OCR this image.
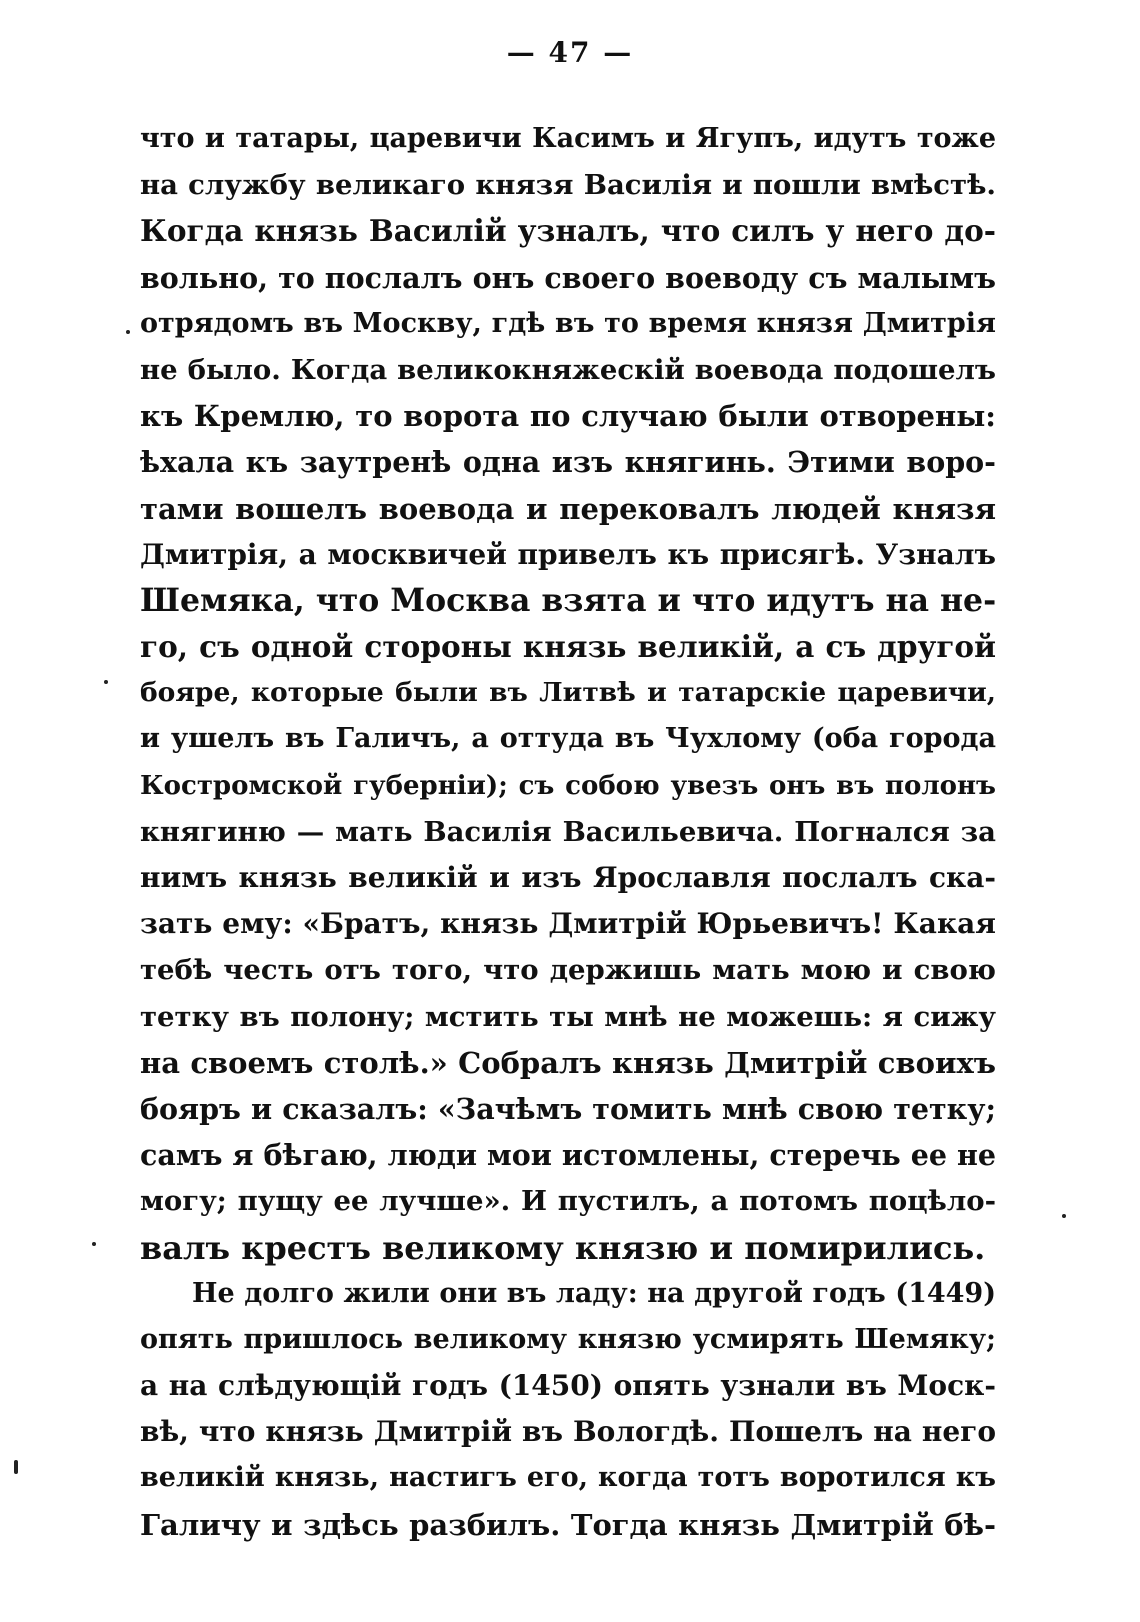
— 47 —
что и татары, царевичи Касимъ и Ягупъ, идутъ тоже
на службу великаго князя Василія и пошли вмѣстѣ.
Когда князь Василій узналъ, что силъ у него до-
вольно, то послалъ онъ своего воеводу съ малымъ
отрядомъ въ Москву, гдѣ въ то время князя Дмитрія
не было. Когда великокняжескій воевода подошелъ
къ Кремлю, то ворота по случаю были отворены:
ѣхала къ заутренѣ одна изъ княгинь. Этими воро-
тами вошелъ воевода и перековалъ людей князя
Дмитрія, а москвичей привелъ къ присягѣ. Узналъ
Шемяка, что Москва взята и что идутъ на не-
го, съ одной стороны князь великій, а съ другой
бояре, которые были въ Литвѣ и татарскіе царевичи,
и ушелъ въ Галичъ, а оттуда въ Чухлому (оба города
Костромской губерніи); съ собою увезъ онъ въ полонъ
княгиню — мать Василія Васильевича. Погнался за
нимъ князь великій и изъ Ярославля послалъ ска-
зать ему: «Братъ, князь Дмитрій Юрьевичъ! Какая
тебѣ честь отъ того, что держишь мать мою и свою
тетку въ полону; мстить ты мнѣ не можешь: я сижу
на своемъ столѣ.» Собралъ князь Дмитрій своихъ
бояръ и сказалъ: «Зачѣмъ томить мнѣ свою тетку;
самъ я бѣгаю, люди мои истомлены, стеречь ее не
могу; пущу ее лучше». И пустилъ, а потомъ поцѣло-
валъ крестъ великому князю и помирились.
Не долго жили они въ ладу: на другой годъ (1449)
опять пришлось великому князю усмирять Шемяку;
а на слѣдующій годъ (1450) опять узнали въ Моск-
вѣ, что князь Дмитрій въ Вологдѣ. Пошелъ на него
великій князь, настигъ его, когда тотъ воротился къ
Галичу и здѣсь разбилъ. Тогда князь Дмитрій бѣ-
